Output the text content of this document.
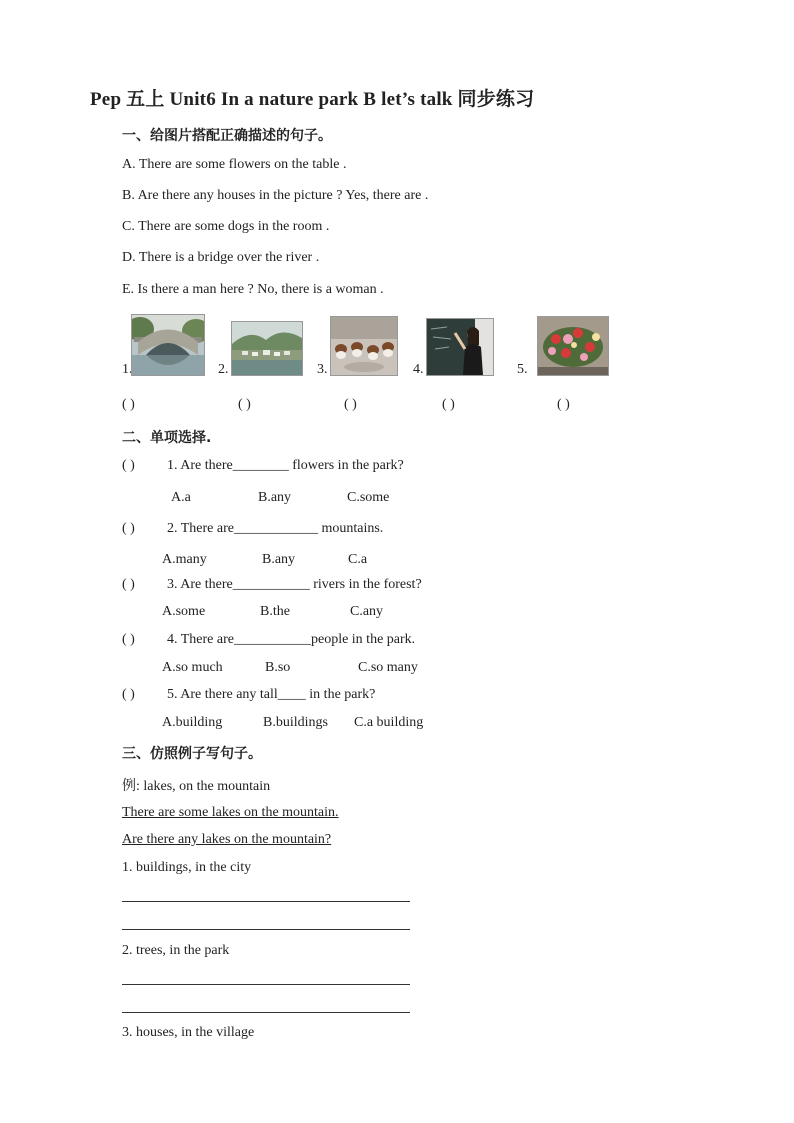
Pep 五上 Unit6 In a nature park B let’s talk 同步练习
一、给图片搭配正确描述的句子。
A. There are some flowers on the table .
B. Are there any houses in the picture ? Yes, there are .
C. There are some dogs in the room .
D. There is a bridge over the river .
E. Is there a man here ? No, there is a woman .
1.	2.	3.	4.	5.
( )	( )	( )	( )	( )
二、单项选择.
( ) 1. Are there________ flowers in the park?
A.a	B.any	C.some
( ) 2. There are____________ mountains.
A.many	B.any	C.a
( ) 3. Are there___________ rivers in the forest?
A.some	B.the	C.any
( ) 4. There are___________people in the park.
A.so much	B.so	C.so many
( ) 5. Are there any tall____ in the park?
A.building	B.buildings C.a building
三、仿照例子写句子。
例: lakes, on the mountain
There are some lakes on the mountain.
Are there any lakes on the mountain?
1. buildings, in the city
2. trees, in the park
3. houses, in the village
